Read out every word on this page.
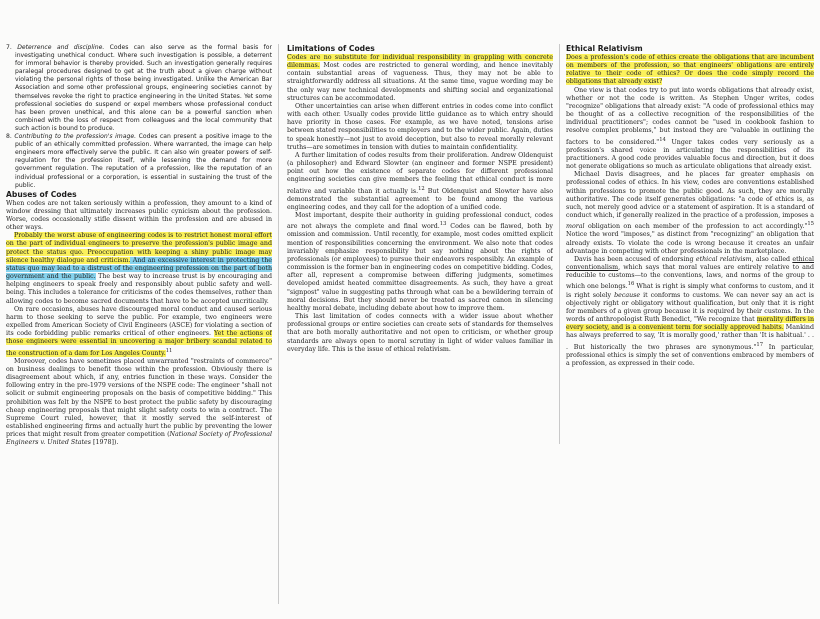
7. Deterrence and discipline. Codes can also serve as the formal basis for investigating unethical conduct. Where such investigation is possible, a deterrent for immoral behavior is thereby provided. Such an investigation generally requires paralegal procedures designed to get at the truth about a given charge without violating the personal rights of those being investigated. Unlike the American Bar Association and some other professional groups, engineering societies cannot by themselves revoke the right to practice engineering in the United States. Yet some professional societies do suspend or expel members whose professional conduct has been proven unethical, and this alone can be a powerful sanction when combined with the loss of respect from colleagues and the local community that such action is bound to produce.

8. Contributing to the profession's image. Codes can present a positive image to the public of an ethically committed profession. Where warranted, the image can help engineers more effectively serve the public. It can also win greater powers of self-regulation for the profession itself, while lessening the demand for more government regulation. The reputation of a profession, like the reputation of an individual professional or a corporation, is essential in sustaining the trust of the public.

Abuses of Codes

When codes are not taken seriously within a profession, they amount to a kind of window dressing that ultimately increases public cynicism about the profession. Worse, codes occasionally stifle dissent within the profession and are abused in other ways.

Probably the worst abuse of engineering codes is to restrict honest moral effort on the part of individual engineers to preserve the profession's public image and protect the status quo. Preoccupation with keeping a shiny public image may silence healthy dialogue and criticism. And an excessive interest in protecting the status quo may lead to a distrust of the engineering profession on the part of both government and the public. The best way to increase trust is by encouraging and helping engineers to speak freely and responsibly about public safety and well-being. This includes a tolerance for criticisms of the codes themselves, rather than allowing codes to become sacred documents that have to be accepted uncritically.

On rare occasions, abuses have discouraged moral conduct and caused serious harm to those seeking to serve the public. For example, two engineers were expelled from American Society of Civil Engineers (ASCE) for violating a section of its code forbidding public remarks critical of other engineers. Yet the actions of those engineers were essential in uncovering a major bribery scandal related to the construction of a dam for Los Angeles County.$^{11}$

Moreover, codes have sometimes placed unwarranted "restraints of commerce" on business dealings to benefit those within the profession. Obviously there is disagreement about which, if any, entries function in these ways. Consider the following entry in the pre-1979 versions of the NSPE code: The engineer "shall not solicit or submit engineering proposals on the basis of competitive bidding." This prohibition was felt by the NSPE to best protect the public safety by discouraging cheap engineering proposals that might slight safety costs to win a contract. The Supreme Court ruled, however, that it mostly served the self-interest of established engineering firms and actually hurt the public by preventing the lower prices that might result from greater competition (National Society of Professional Engineers v. United States [1978]).

Limitations of Codes

Codes are no substitute for individual responsibility in grappling with concrete dilemmas. Most codes are restricted to general wording, and hence inevitably contain substantial areas of vagueness. Thus, they may not be able to straightforwardly address all situations. At the same time, vague wording may be the only way new technical developments and shifting social and organizational structures can be accommodated.

Other uncertainties can arise when different entries in codes come into conflict with each other. Usually codes provide little guidance as to which entry should have priority in those cases. For example, as we have noted, tensions arise between stated responsibilities to employers and to the wider public. Again, duties to speak honestly—not just to avoid deception, but also to reveal morally relevant truths—are sometimes in tension with duties to maintain confidentiality.

A further limitation of codes results from their proliferation. Andrew Oldenquist (a philosopher) and Edward Slowter (an engineer and former NSPE president) point out how the existence of separate codes for different professional engineering societies can give members the feeling that ethical conduct is more relative and variable than it actually is.$^{12}$ But Oldenquist and Slowter have also demonstrated the substantial agreement to be found among the various engineering codes, and they call for the adoption of a unified code.

Most important, despite their authority in guiding professional conduct, codes are not always the complete and final word.$^{13}$ Codes can be flawed, both by omission and commission. Until recently, for example, most codes omitted explicit mention of responsibilities concerning the environment. We also note that codes invariably emphasize responsibility but say nothing about the rights of professionals (or employees) to pursue their endeavors responsibly. An example of commission is the former ban in engineering codes on competitive bidding. Codes, after all, represent a compromise between differing judgments, sometimes developed amidst heated committee disagreements. As such, they have a great "signpost" value in suggesting paths through what can be a bewildering terrain of moral decisions. But they should never be treated as sacred canon in silencing healthy moral debate, including debate about how to improve them.

This last limitation of codes connects with a wider issue about whether professional groups or entire societies can create sets of standards for themselves that are both morally authoritative and not open to criticism, or whether group standards are always open to moral scrutiny in light of wider values familiar in everyday life. This is the issue of ethical relativism.

Ethical Relativism

Does a profession's code of ethics create the obligations that are incumbent on members of the profession, so that engineers' obligations are entirely relative to their code of ethics? Or does the code simply record the obligations that already exist?

One view is that codes try to put into words obligations that already exist, whether or not the code is written. As Stephen Unger writes, codes "recognize" obligations that already exist: "A code of professional ethics may be thought of as a collective recognition of the responsibilities of the individual practitioners"; codes cannot be "used in cookbook fashion to resolve complex problems," but instead they are "valuable in outlining the factors to be considered."$^{14}$ Unger takes codes very seriously as a profession's shared voice in articulating the responsibilities of its practitioners. A good code provides valuable focus and direction, but it does not generate obligations so much as articulate obligations that already exist.

Michael Davis disagrees, and he places far greater emphasis on professional codes of ethics. In his view, codes are conventions established within professions to promote the public good. As such, they are morally authoritative. The code itself generates obligations: "a code of ethics is, as such, not merely good advice or a statement of aspiration. It is a standard of conduct which, if generally realized in the practice of a profession, imposes a moral obligation on each member of the profession to act accordingly."$^{15}$ Notice the word "imposes," as distinct from "recognizing" an obligation that already exists. To violate the code is wrong because it creates an unfair advantage in competing with other professionals in the marketplace.

Davis has been accused of endorsing ethical relativism, also called ethical conventionalism, which says that moral values are entirely relative to and reducible to customs—to the conventions, laws, and norms of the group to which one belongs.$^{16}$ What is right is simply what conforms to custom, and it is right solely because it conforms to customs. We can never say an act is objectively right or obligatory without qualification, but only that it is right for members of a given group because it is required by their customs. In the words of anthropologist Ruth Benedict, "We recognize that morality differs in every society, and is a convenient term for socially approved habits. Mankind has always preferred to say, 'It is morally good,' rather than 'It is habitual.' . . . But historically the two phrases are synonymous."$^{17}$ In particular, professional ethics is simply the set of conventions embraced by members of a profession, as expressed in their code.
